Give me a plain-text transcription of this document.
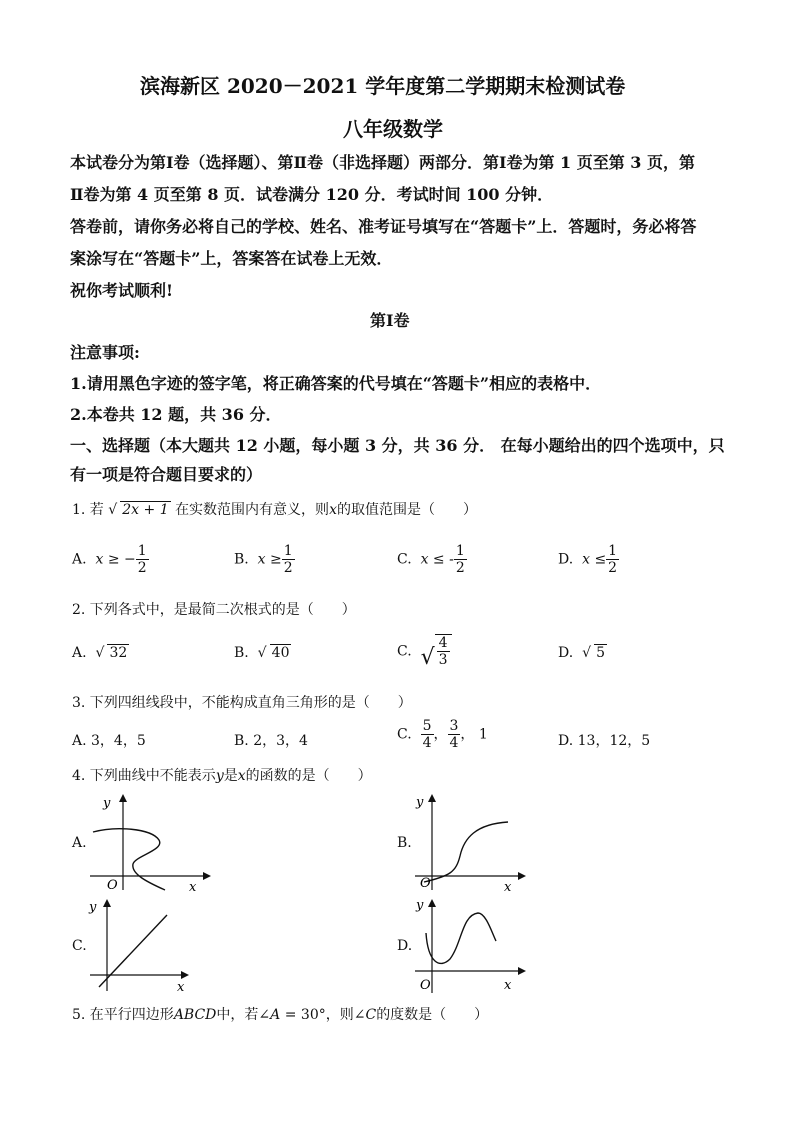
滨海新区 2020－2021 学年度第二学期期末检测试卷
八年级数学
本试卷分为第Ⅰ卷（选择题）、第Ⅱ卷（非选择题）两部分．第Ⅰ卷为第 1 页至第 3 页，第
Ⅱ卷为第 4 页至第 8 页．试卷满分 120 分．考试时间 100 分钟．
答卷前，请你务必将自己的学校、姓名、准考证号填写在“答题卡”上．答题时，务必将答
案涂写在“答题卡”上，答案答在试卷上无效．
祝你考试顺利!
第Ⅰ卷
注意事项:
1.请用黑色字迹的签字笔，将正确答案的代号填在“答题卡”相应的表格中．
2.本卷共 12 题，共 36 分．
一、选择题（本大题共 12 小题，每小题 3 分，共 36 分． 在每小题给出的四个选项中，只
有一项是符合题目要求的）
1. 若 √ 2x + 1 在实数范围内有意义，则x的取值范围是（　　）
A. x ≥ − $\frac{1}{2}$	B. $x \ge \frac{1}{2}$	C. x ≤ - $\frac{1}{2}$	D. $x \le \frac{1}{2}$
2. 下列各式中，是最简二次根式的是（　　）
A. √ 32	B. √ 40	C. √ $\frac{4}{3}$	D. √ 5
3. 下列四组线段中，不能构成直角三角形的是（　　）
A. 3，4，5	B. 2，3，4	C. $\frac{5}{4}$ ， $\frac{3}{4}$ ， 1	D. 13，12，5
4. 下列曲线中不能表示y是x的函数的是（　　）
A.
y
x
O
B.
y
x
O
C.
y
x
D.
y
x
O
5. 在平行四边形ABCD中，若∠A = 30°，则∠C的度数是（　　）
